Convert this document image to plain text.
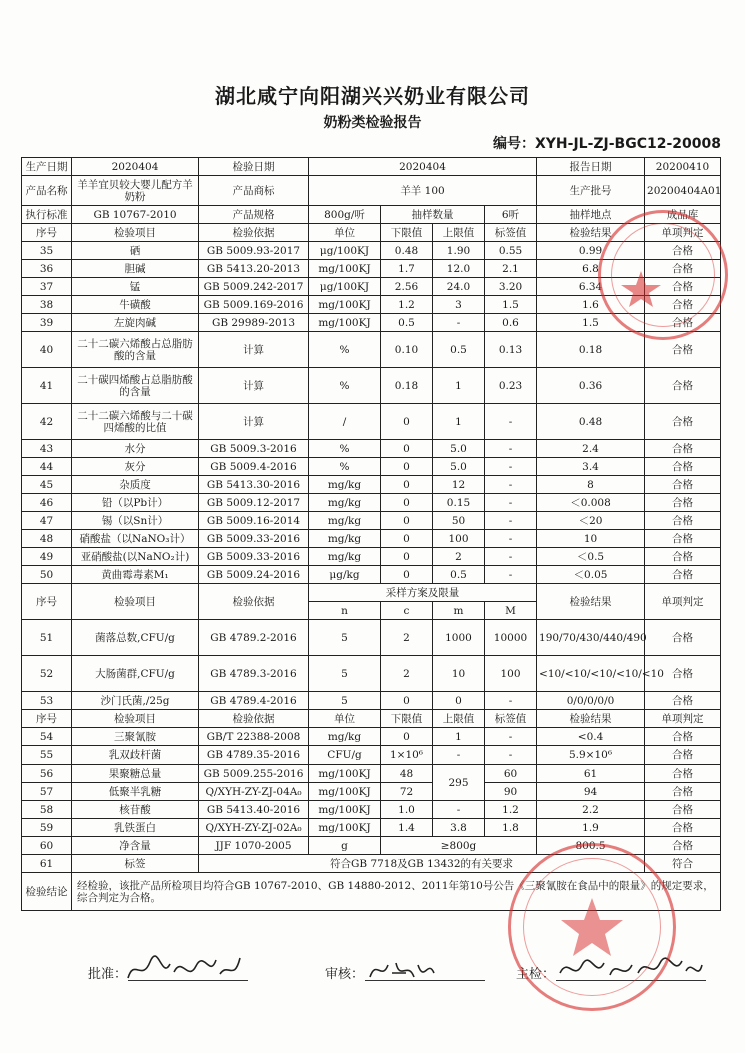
湖北咸宁向阳湖兴兴奶业有限公司
奶粉类检验报告
编号：XYH-JL-ZJ-BGC12-20008
生产日期	2020404	检验日期	2020404				报告日期	20200410
产品名称	羊羊宜贝较大婴儿配方羊奶粉	产品商标	羊羊 100				生产批号	20200404A01
执行标准	GB 10767-2010	产品规格	800g/听	抽样数量		6听	抽样地点	成品库
序号	检验项目	检验依据	单位	下限值	上限值	标签值	检验结果	单项判定
35	硒	GB 5009.93-2017	μg/100KJ	0.48	1.90	0.55	0.99	合格
36	胆碱	GB 5413.20-2013	mg/100KJ	1.7	12.0	2.1	6.8	合格
37	锰	GB 5009.242-2017	μg/100KJ	2.56	24.0	3.20	6.34	合格
38	牛磺酸	GB 5009.169-2016	mg/100KJ	1.2	3	1.5	1.6	合格
39	左旋肉碱	GB 29989-2013	mg/100KJ	0.5	-	0.6	1.5	合格
40	二十二碳六烯酸占总脂肪酸的含量	计算	%	0.10	0.5	0.13	0.18	合格
41	二十碳四烯酸占总脂肪酸的含量	计算	%	0.18	1	0.23	0.36	合格
42	二十二碳六烯酸与二十碳四烯酸的比值	计算	/	0	1	-	0.48	合格
43	水分	GB 5009.3-2016	%	0	5.0	-	2.4	合格
44	灰分	GB 5009.4-2016	%	0	5.0	-	3.4	合格
45	杂质度	GB 5413.30-2016	mg/kg	0	12	-	8	合格
46	铅（以Pb计）	GB 5009.12-2017	mg/kg	0	0.15	-	＜0.008	合格
47	锡（以Sn计）	GB 5009.16-2014	mg/kg	0	50	-	＜20	合格
48	硝酸盐（以NaNO₃计）	GB 5009.33-2016	mg/kg	0	100	-	10	合格
49	亚硝酸盐(以NaNO₂计)	GB 5009.33-2016	mg/kg	0	2	-	＜0.5	合格
50	黄曲霉毒素M₁	GB 5009.24-2016	μg/kg	0	0.5	-	＜0.05	合格
序号	检验项目	检验依据	采样方案及限量				检验结果	单项判定
			n	c	m	M		
51	菌落总数,CFU/g	GB 4789.2-2016	5	2	1000	10000	190/70/430/440/490	合格
52	大肠菌群,CFU/g	GB 4789.3-2016	5	2	10	100	<10/<10/<10/<10/<10	合格
53	沙门氏菌,/25g	GB 4789.4-2016	5	0	0	-	0/0/0/0/0	合格
序号	检验项目	检验依据	单位	下限值	上限值	标签值	检验结果	单项判定
54	三聚氰胺	GB/T 22388-2008	mg/kg	0	1	-	<0.4	合格
55	乳双歧杆菌	GB 4789.35-2016	CFU/g	1×10⁶	-	-	5.9×10⁶	合格
56	果聚糖总量	GB 5009.255-2016	mg/100KJ	48	295	60	61	合格
57	低聚半乳糖	Q/XYH-ZY-ZJ-04A₀	mg/100KJ	72		90	94	合格
58	核苷酸	GB 5413.40-2016	mg/100KJ	1.0	-	1.2	2.2	合格
59	乳铁蛋白	Q/XYH-ZY-ZJ-02A₀	mg/100KJ	1.4	3.8	1.8	1.9	合格
60	净含量	JJF 1070-2005	g	≥800g			800.5	合格
61	标签	符合GB 7718及GB 13432的有关要求						符合
检验结论	经检验，该批产品所检项目均符合GB 10767-2010、GB 14880-2012、2011年第10号公告《三聚氰胺在食品中的限量》的规定要求，综合判定为合格。							
批准：	审核：	主检：
